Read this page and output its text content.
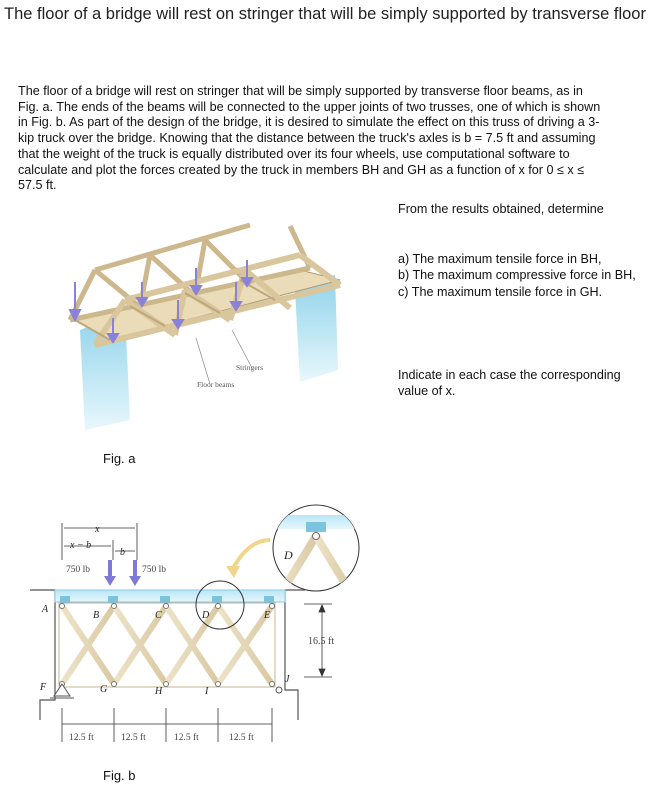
The floor of a bridge will rest on stringer that will be simply supported by transverse floor
The floor of a bridge will rest on stringer that will be simply supported by transverse floor beams, as in Fig. a. The ends of the beams will be connected to the upper joints of two trusses, one of which is shown in Fig. b. As part of the design of the bridge, it is desired to simulate the effect on this truss of driving a 3-kip truck over the bridge. Knowing that the distance between the truck's axles is b = 7.5 ft and assuming that the weight of the truck is equally distributed over its four wheels, use computational software to calculate and plot the forces created by the truck in members BH and GH as a function of x for 0 ≤ x ≤ 57.5 ft.
From the results obtained, determine
a) The maximum tensile force in BH,
b) The maximum compressive force in BH,
c) The maximum tensile force in GH.
Indicate in each case the corresponding value of x.
Stringers
Floor beams
Fig. a
A
B	C	D	E
F	G	H	I
J
D
x
x − b
b
750 lb	750 lb
16.5 ft
12.5 ft	12.5 ft	12.5 ft	12.5 ft
Fig. b
